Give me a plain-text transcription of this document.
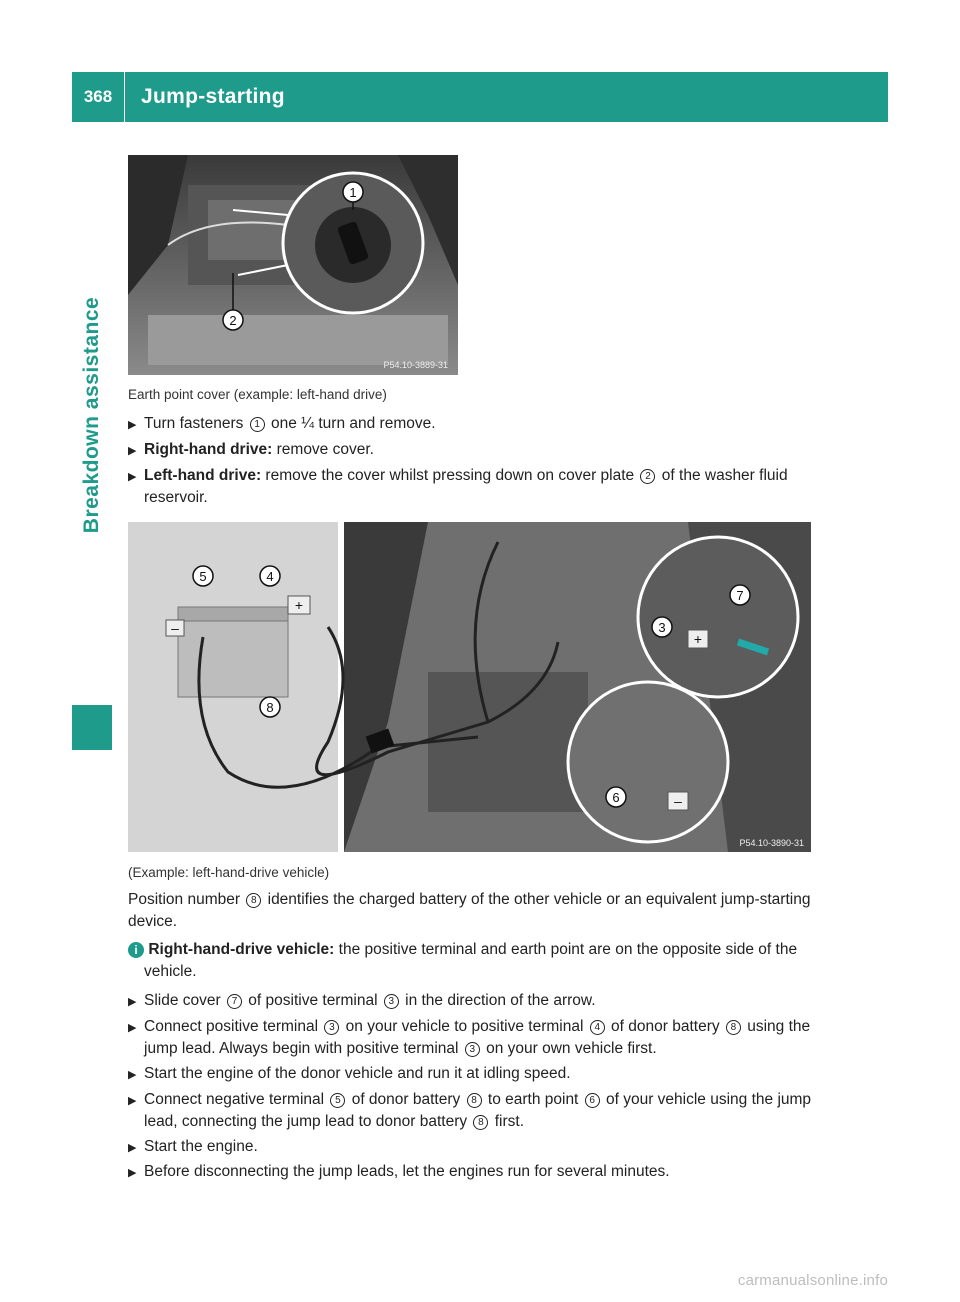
368	Jump-starting
Breakdown assistance
1
2
P54.10-3889-31
Earth point cover (example: left-hand drive)
▶ Turn fasteners 1 one ¼ turn and remove.
▶ Right-hand drive: remove cover.
▶ Left-hand drive: remove the cover whilst pressing down on cover plate 2 of the washer fluid reservoir.
–
+
+
–
5	4
8
7
3
6
P54.10-3890-31
(Example: left-hand-drive vehicle)
Position number 8 identifies the charged battery of the other vehicle or an equivalent jump-starting device.
i Right-hand-drive vehicle: the positive terminal and earth point are on the opposite side of the vehicle.
▶ Slide cover 7 of positive terminal 3 in the direction of the arrow.
▶ Connect positive terminal 3 on your vehicle to positive terminal 4 of donor battery 8 using the jump lead. Always begin with positive terminal 3 on your own vehicle first.
▶ Start the engine of the donor vehicle and run it at idling speed.
▶ Connect negative terminal 5 of donor battery 8 to earth point 6 of your vehicle using the jump lead, connecting the jump lead to donor battery 8 first.
▶ Start the engine.
▶ Before disconnecting the jump leads, let the engines run for several minutes.
carmanualsonline.info
